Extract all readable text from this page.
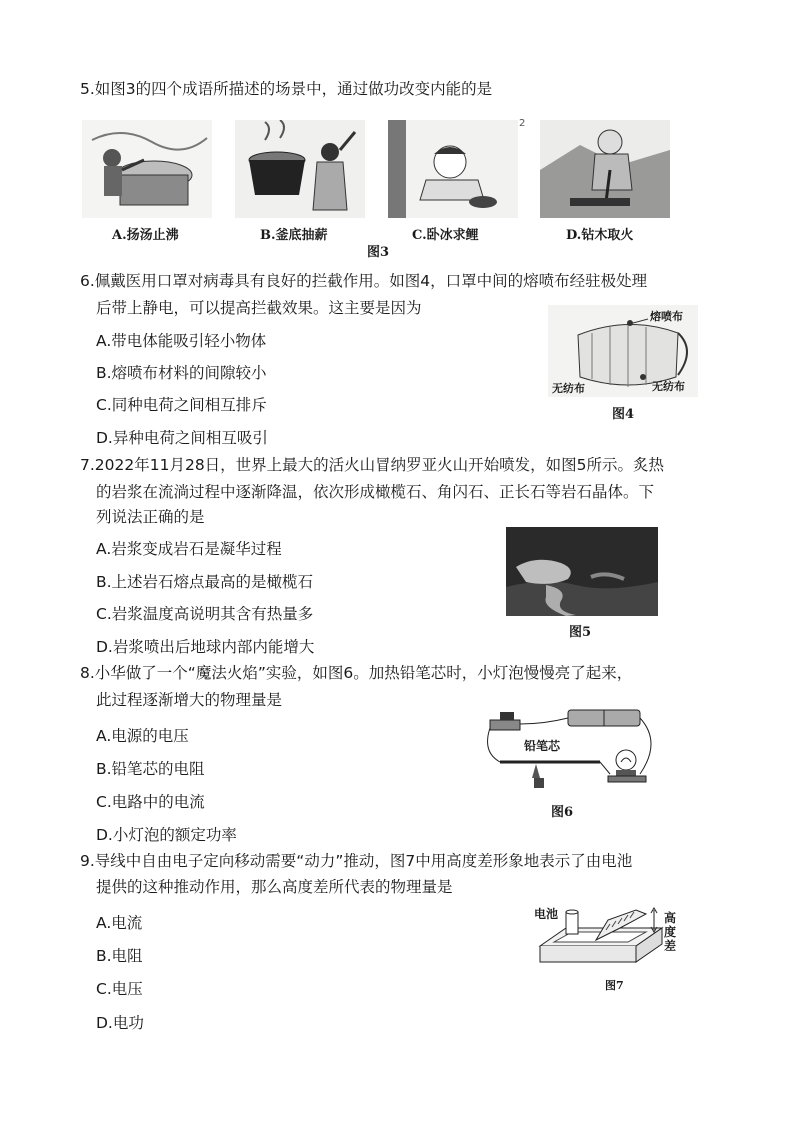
5.如图3的四个成语所描述的场景中，通过做功改变内能的是
2
A.扬汤止沸	B.釜底抽薪	C.卧冰求鲤	D.钻木取火
图3
6.佩戴医用口罩对病毒具有良好的拦截作用。如图4，口罩中间的熔喷布经驻极处理
后带上静电，可以提高拦截效果。这主要是因为
A.带电体能吸引轻小物体
B.熔喷布材料的间隙较小
C.同种电荷之间相互排斥
D.异种电荷之间相互吸引
熔喷布
无纺布	无纺布
图4
7.2022年11月28日，世界上最大的活火山冒纳罗亚火山开始喷发，如图5所示。炙热
的岩浆在流淌过程中逐渐降温，依次形成橄榄石、角闪石、正长石等岩石晶体。下
列说法正确的是
A.岩浆变成岩石是凝华过程
B.上述岩石熔点最高的是橄榄石
C.岩浆温度高说明其含有热量多
D.岩浆喷出后地球内部内能增大
图5
8.小华做了一个“魔法火焰”实验，如图6。加热铅笔芯时，小灯泡慢慢亮了起来，
此过程逐渐增大的物理量是
A.电源的电压
B.铅笔芯的电阻
C.电路中的电流
D.小灯泡的额定功率
铅笔芯
图6
9.导线中自由电子定向移动需要“动力”推动，图7中用高度差形象地表示了由电池
提供的这种推动作用，那么高度差所代表的物理量是
A.电流
B.电阻
C.电压
D.电功
电池	高度差
图7
